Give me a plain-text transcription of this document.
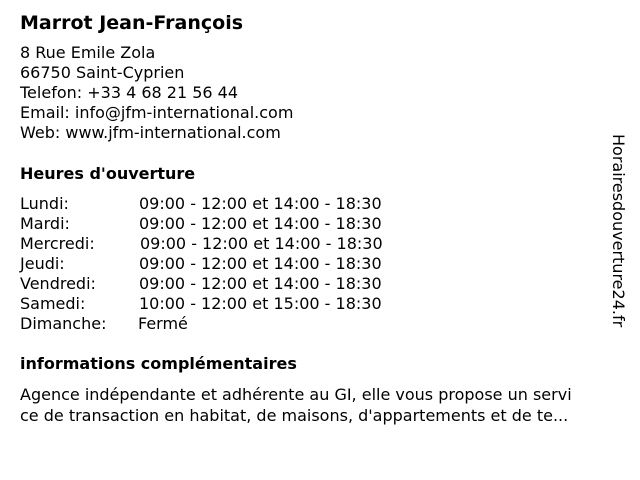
Marrot Jean-François
8 Rue Emile Zola
66750 Saint-Cyprien
Telefon: +33 4 68 21 56 44
Email: info@jfm-international.com
Web: www.jfm-international.com
Heures d'ouverture
Lundi:	09:00 - 12:00 et 14:00 - 18:30
Mardi:	09:00 - 12:00 et 14:00 - 18:30
Mercredi:	09:00 - 12:00 et 14:00 - 18:30
Jeudi:	09:00 - 12:00 et 14:00 - 18:30
Vendredi:	09:00 - 12:00 et 14:00 - 18:30
Samedi:	10:00 - 12:00 et 15:00 - 18:30
Dimanche: Fermé
informations complémentaires
Agence indépendante et adhérente au GI, elle vous propose un servi
ce de transaction en habitat, de maisons, d'appartements et de te...
Horairesdouverture24.fr
